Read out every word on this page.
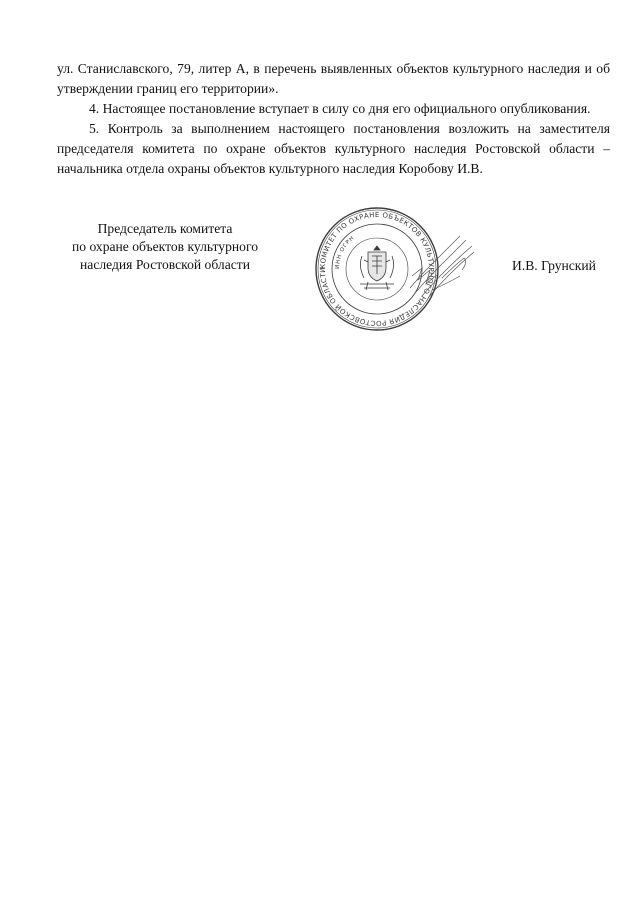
ул. Станиславского, 79, литер А, в перечень выявленных объектов культурного наследия и об утверждении границ его территории».

4. Настоящее постановление вступает в силу со дня его официального опубликования.

5. Контроль за выполнением настоящего постановления возложить на заместителя председателя комитета по охране объектов культурного наследия Ростовской области – начальника отдела охраны объектов культурного наследия Коробову И.В.

Председатель комитета
по охране объектов культурного
наследия Ростовской области	КОМИТЕТ ПО ОХРАНЕ ОБЪЕКТОВ КУЛЬТУРНОГО НАСЛЕДИЯ РОСТОВСКОЙ ОБЛАСТИ
ИНН ОГРН
И.В. Грунский
